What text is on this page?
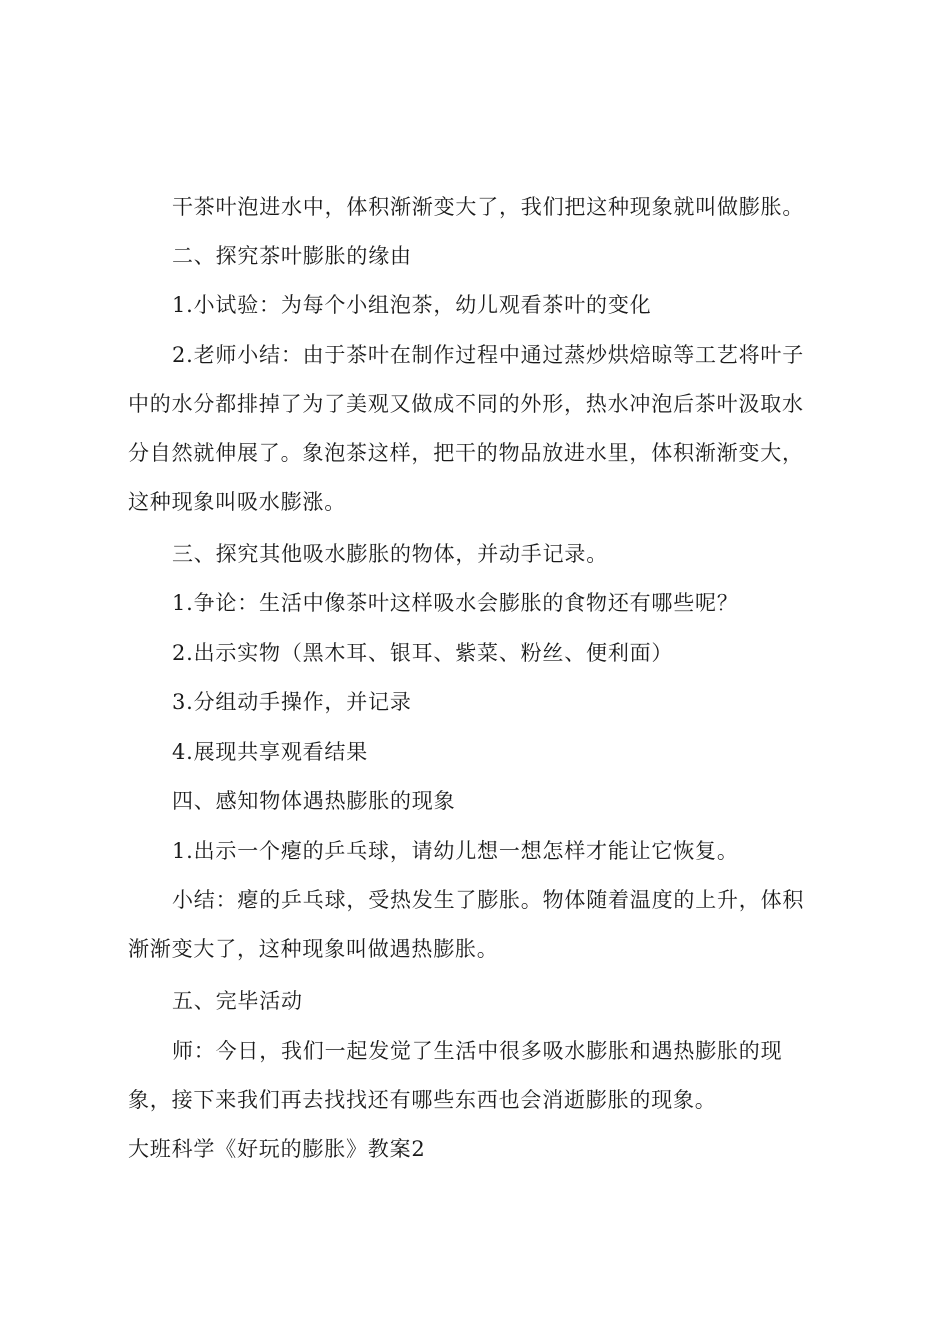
干茶叶泡进水中，体积渐渐变大了，我们把这种现象就叫做膨胀。
二、探究茶叶膨胀的缘由
1.小试验：为每个小组泡茶，幼儿观看茶叶的变化
2.老师小结：由于茶叶在制作过程中通过蒸炒烘焙晾等工艺将叶子
中的水分都排掉了为了美观又做成不同的外形，热水冲泡后茶叶汲取水
分自然就伸展了。象泡茶这样，把干的物品放进水里，体积渐渐变大，
这种现象叫吸水膨涨。
三、探究其他吸水膨胀的物体，并动手记录。
1.争论：生活中像茶叶这样吸水会膨胀的食物还有哪些呢？
2.出示实物（黑木耳、银耳、紫菜、粉丝、便利面）
3.分组动手操作，并记录
4.展现共享观看结果
四、感知物体遇热膨胀的现象
1.出示一个瘪的乒乓球，请幼儿想一想怎样才能让它恢复。
小结：瘪的乒乓球，受热发生了膨胀。物体随着温度的上升，体积
渐渐变大了，这种现象叫做遇热膨胀。
五、完毕活动
师：今日，我们一起发觉了生活中很多吸水膨胀和遇热膨胀的现
象，接下来我们再去找找还有哪些东西也会消逝膨胀的现象。
大班科学《好玩的膨胀》教案2
